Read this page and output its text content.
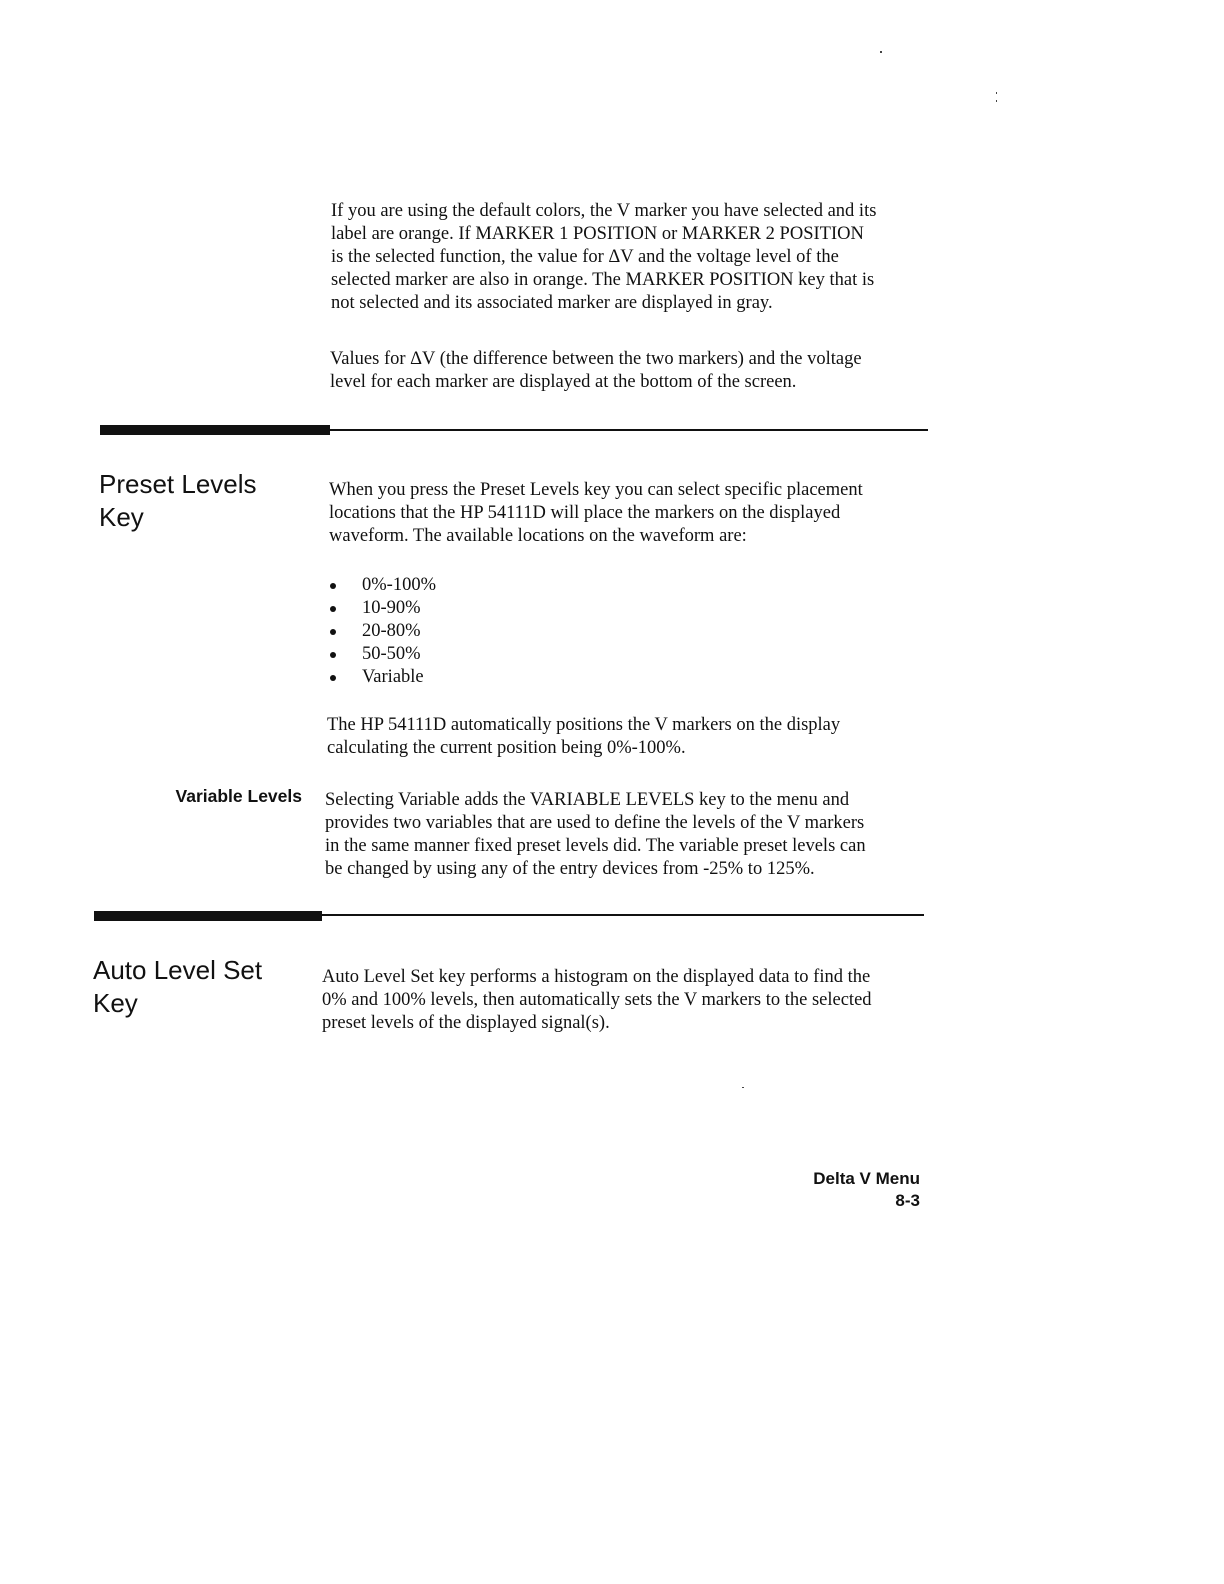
If you are using the default colors, the V marker you have selected and its

label are orange. If MARKER 1 POSITION or MARKER 2 POSITION

is the selected function, the value for ΔV and the voltage level of the

selected marker are also in orange. The MARKER POSITION key that is

not selected and its associated marker are displayed in gray.

Values for ΔV (the difference between the two markers) and the voltage

level for each marker are displayed at the bottom of the screen.

Preset Levels
Key

When you press the Preset Levels key you can select specific placement

locations that the HP 54111D will place the markers on the displayed

waveform. The available locations on the waveform are:

0%-100%
10-90%
20-80%
50-50%
Variable

The HP 54111D automatically positions the V markers on the display

calculating the current position being 0%-100%.

Variable Levels Selecting Variable adds the VARIABLE LEVELS key to the menu and

provides two variables that are used to define the levels of the V markers

in the same manner fixed preset levels did. The variable preset levels can

be changed by using any of the entry devices from -25% to 125%.

Auto Level Set
Key

Auto Level Set key performs a histogram on the displayed data to find the

0% and 100% levels, then automatically sets the V markers to the selected

preset levels of the displayed signal(s).

Delta V Menu
8-3
